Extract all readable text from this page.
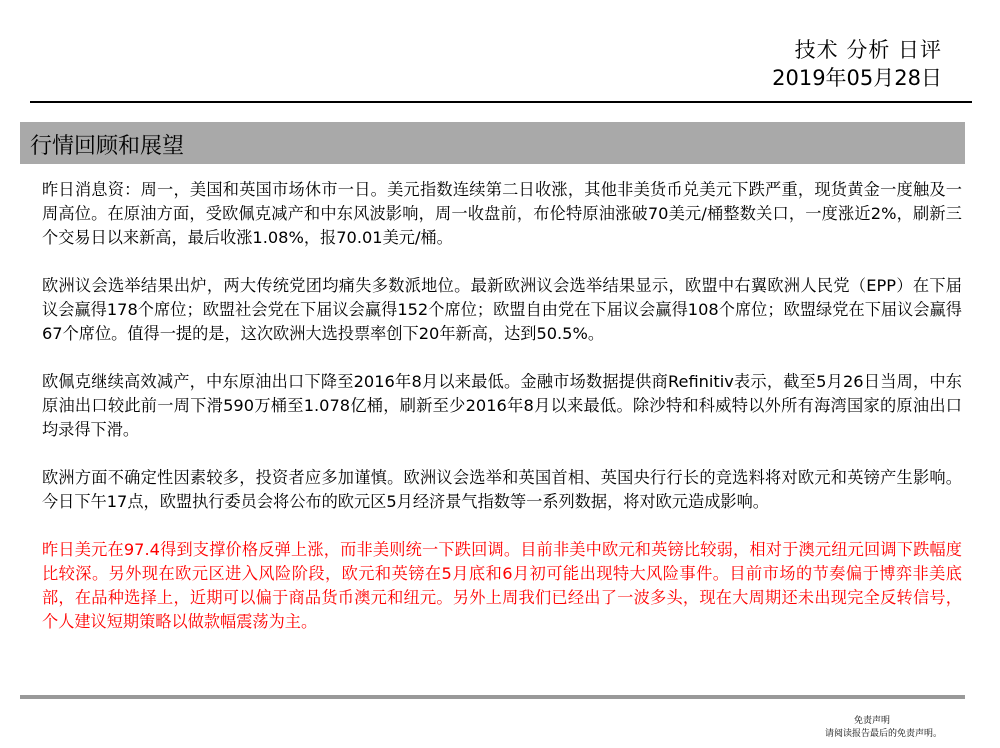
技术 分析 日评
2019年05月28日
行情回顾和展望

昨日消息资：周一，美国和英国市场休市一日。美元指数连续第二日收涨，其他非美货币兑美元下跌严重，现货黄金一度触及一周高位。在原油方面，受欧佩克减产和中东风波影响，周一收盘前，布伦特原油涨破70美元/桶整数关口，一度涨近2%，刷新三个交易日以来新高，最后收涨1.08%，报70.01美元/桶。

欧洲议会选举结果出炉，两大传统党团均痛失多数派地位。最新欧洲议会选举结果显示，欧盟中右翼欧洲人民党（EPP）在下届议会赢得178个席位；欧盟社会党在下届议会赢得152个席位；欧盟自由党在下届议会赢得108个席位；欧盟绿党在下届议会赢得67个席位。值得一提的是，这次欧洲大选投票率创下20年新高，达到50.5%。

欧佩克继续高效减产，中东原油出口下降至2016年8月以来最低。金融市场数据提供商Refinitiv表示，截至5月26日当周，中东原油出口较此前一周下滑590万桶至1.078亿桶，刷新至少2016年8月以来最低。除沙特和科威特以外所有海湾国家的原油出口均录得下滑。

欧洲方面不确定性因素较多，投资者应多加谨慎。欧洲议会选举和英国首相、英国央行行长的竞选料将对欧元和英镑产生影响。今日下午17点，欧盟执行委员会将公布的欧元区5月经济景气指数等一系列数据，将对欧元造成影响。

昨日美元在97.4得到支撑价格反弹上涨，而非美则统一下跌回调。目前非美中欧元和英镑比较弱，相对于澳元纽元回调下跌幅度比较深。另外现在欧元区进入风险阶段，欧元和英镑在5月底和6月初可能出现特大风险事件。目前市场的节奏偏于博弈非美底部，在品种选择上，近期可以偏于商品货币澳元和纽元。另外上周我们已经出了一波多头，现在大周期还未出现完全反转信号，个人建议短期策略以做款幅震荡为主。

免责声明
请阅读报告最后的免责声明。
